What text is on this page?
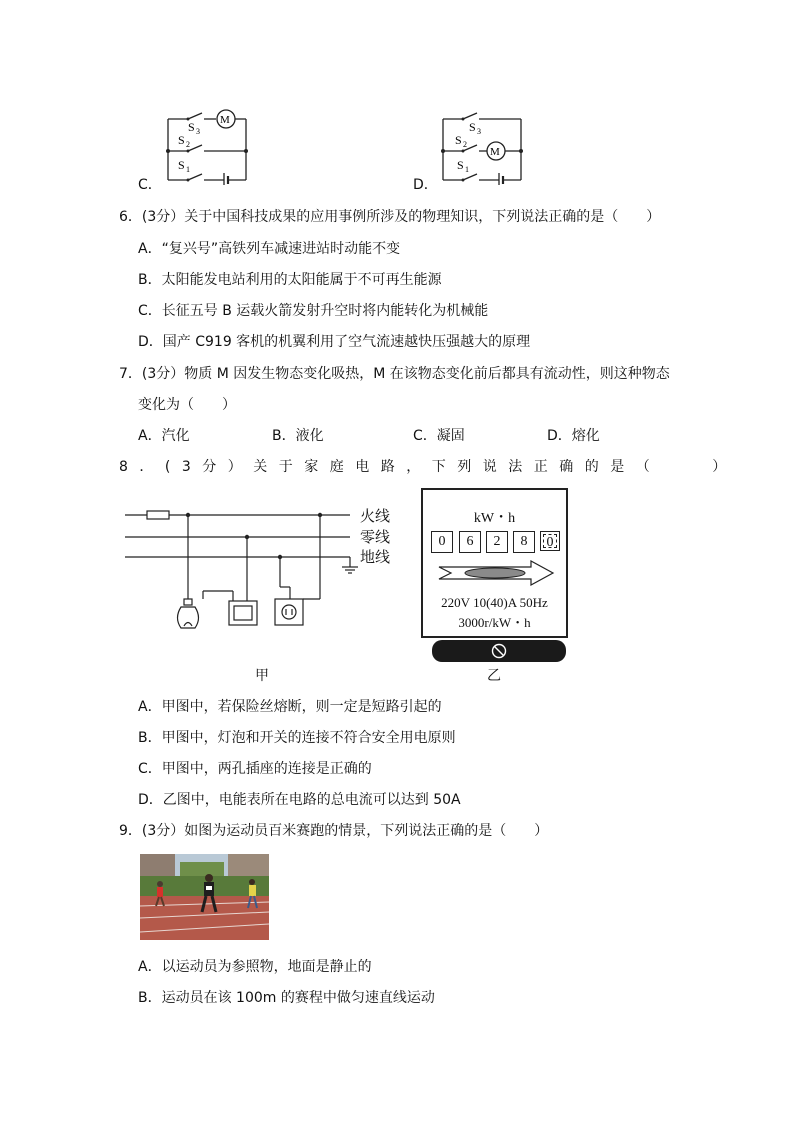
M
S 3
S 2
S 1
C．
M
S 3
S 2
S 1
D．
6．(3分）关于中国科技成果的应用事例所涉及的物理知识，下列说法正确的是（　　）
A．“复兴号”高铁列车减速进站时动能不变
B．太阳能发电站利用的太阳能属于不可再生能源
C．长征五号 B 运载火箭发射升空时将内能转化为机械能
D．国产 C919 客机的机翼利用了空气流速越快压强越大的原理
7．(3分）物质 M 因发生物态变化吸热，M 在该物态变化前后都具有流动性，则这种物态
变化为（　　）
A．汽化	B．液化	C．凝固	D．熔化
8．(3分）关于家庭电路，下列说法正确的是（　　）
火线
零线
地线
甲
kW・h
0	6	2	8	0
220V 10(40)A 50Hz
3000r/kW・h
乙
A．甲图中，若保险丝熔断，则一定是短路引起的
B．甲图中，灯泡和开关的连接不符合安全用电原则
C．甲图中，两孔插座的连接是正确的
D．乙图中，电能表所在电路的总电流可以达到 50A
9．(3分）如图为运动员百米赛跑的情景，下列说法正确的是（　　）
A．以运动员为参照物，地面是静止的
B．运动员在该 100m 的赛程中做匀速直线运动
